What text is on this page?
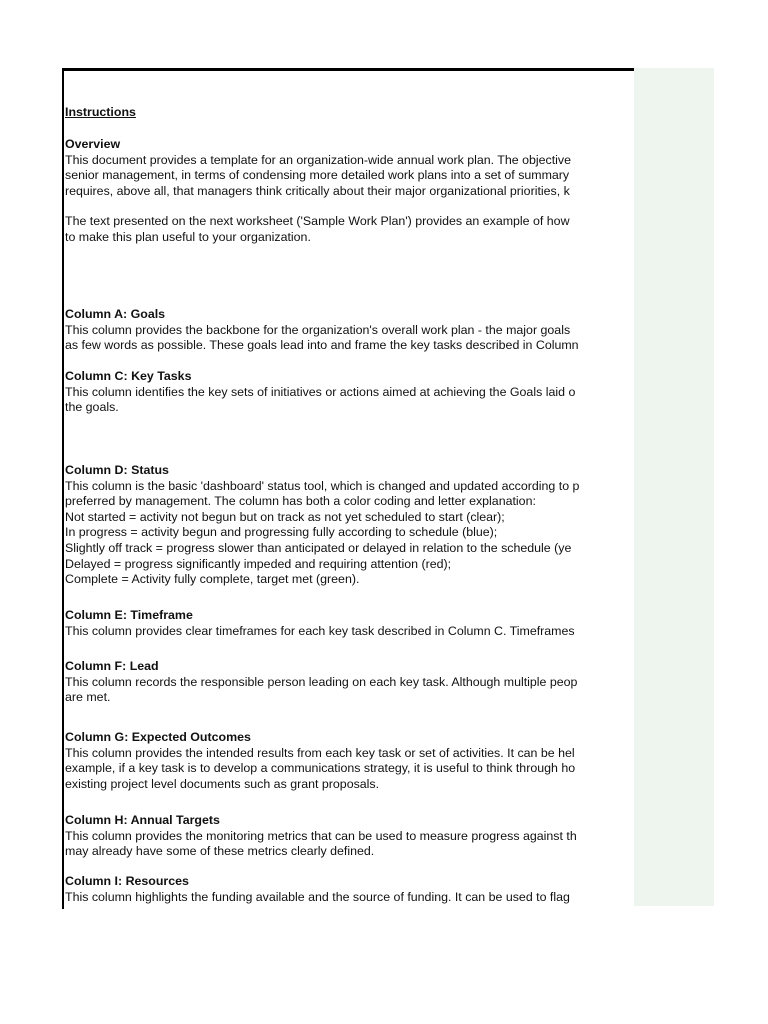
Instructions
Overview
This document provides a template for an organization-wide annual work plan. The objective
senior management, in terms of condensing more detailed work plans into a set of summary
requires, above all, that managers think critically about their major organizational priorities, k
The text presented on the next worksheet ('Sample Work Plan') provides an example of how
to make this plan useful to your organization.
Column A: Goals
This column provides the backbone for the organization's overall work plan - the major goals
as few words as possible. These goals lead into and frame the key tasks described in Column
Column C: Key Tasks
This column identifies the key sets of initiatives or actions aimed at achieving the Goals laid o
the goals.
Column D: Status
This column is the basic 'dashboard' status tool, which is changed and updated according to p
preferred by management. The column has both a color coding and letter explanation:
Not started = activity not begun but on track as not yet scheduled to start (clear);
In progress = activity begun and progressing fully according to schedule (blue);
Slightly off track = progress slower than anticipated or delayed in relation to the schedule (ye
Delayed = progress significantly impeded and requiring attention (red);
Complete = Activity fully complete, target met (green).
Column E: Timeframe
This column provides clear timeframes for each key task described in Column C. Timeframes
Column F: Lead
This column records the responsible person leading on each key task. Although multiple peop
are met.
Column G: Expected Outcomes
This column provides the intended results from each key task or set of activities. It can be hel
example, if a key task is to develop a communications strategy, it is useful to think through ho
existing project level documents such as grant proposals.
Column H: Annual Targets
This column provides the monitoring metrics that can be used to measure progress against th
may already have some of these metrics clearly defined.
Column I: Resources
This column highlights the funding available and the source of funding. It can be used to flag
